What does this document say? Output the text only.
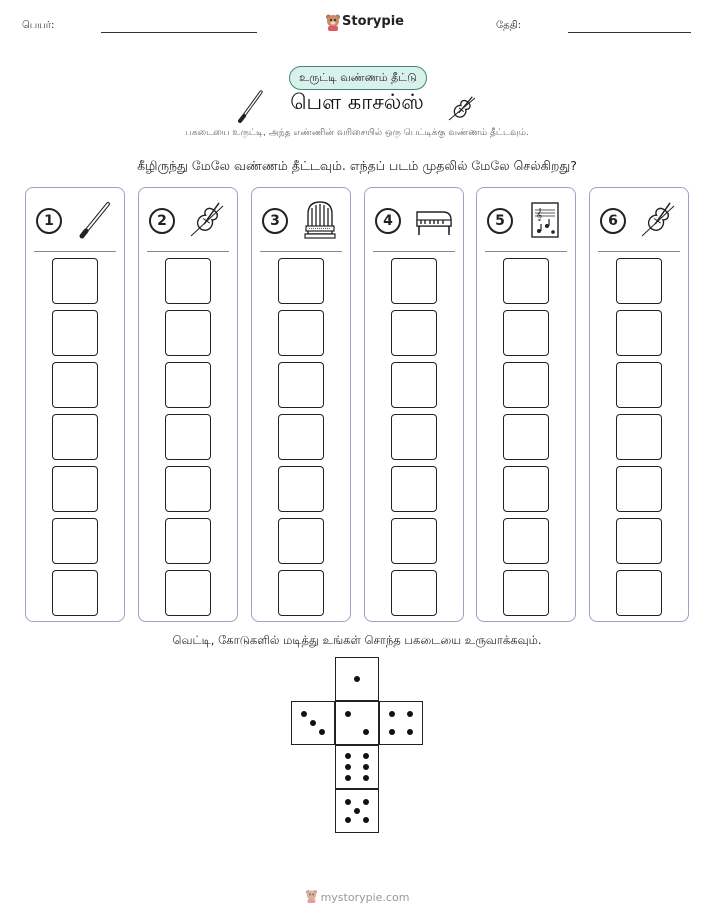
பெயர்:	Storypie	தேதி:
உருட்டி வண்ணம் தீட்டு
பௌ காசல்ஸ்
பகடையை உருட்டி, அந்த எண்ணின் வரிசையில் ஒரு பெட்டிக்கு வண்ணம் தீட்டவும்.
கீழிருந்து மேலே வண்ணம் தீட்டவும். எந்தப் படம் முதலில் மேலே செல்கிறது?
1	2	3	4	5	𝄞	6
வெட்டி, கோடுகளில் மடித்து உங்கள் சொந்த பகடையை உருவாக்கவும்.
mystorypie.com
